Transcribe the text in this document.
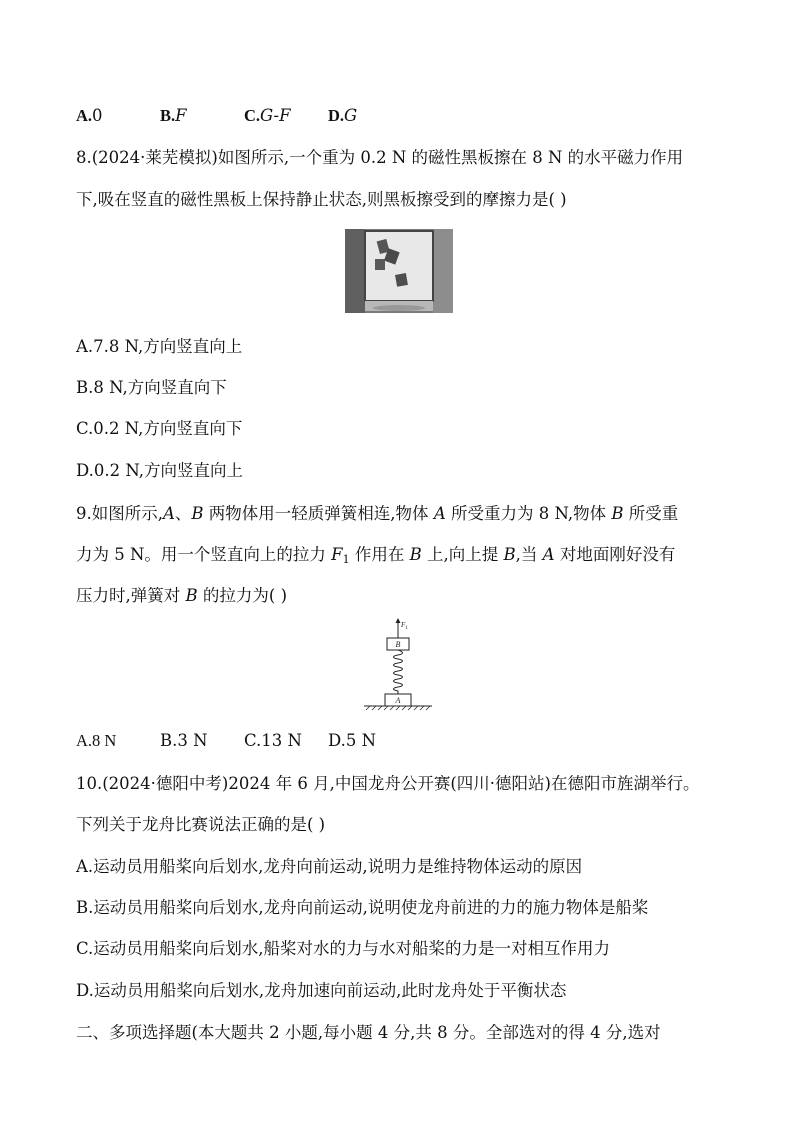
A.0	B.F	C.G-F D.G
8.(2024·莱芜模拟)如图所示,一个重为 0.2 N 的磁性黑板擦在 8 N 的水平磁力作用
下,吸在竖直的磁性黑板上保持静止状态,则黑板擦受到的摩擦力是( )
A.7.8 N,方向竖直向上
B.8 N,方向竖直向下
C.0.2 N,方向竖直向下
D.0.2 N,方向竖直向上
9.如图所示,A、B 两物体用一轻质弹簧相连,物体 A 所受重力为 8 N,物体 B 所受重
力为 5 N。用一个竖直向上的拉力 $F_1$ 作用在 B 上,向上提 B,当 A 对地面刚好没有
压力时,弹簧对 B 的拉力为( )
$F_1$
B
A
A.8 N	B.3 N C.13 N D.5 N
10.(2024·德阳中考)2024 年 6 月,中国龙舟公开赛(四川·德阳站)在德阳市旌湖举行。
下列关于龙舟比赛说法正确的是( )
A.运动员用船桨向后划水,龙舟向前运动,说明力是维持物体运动的原因
B.运动员用船桨向后划水,龙舟向前运动,说明使龙舟前进的力的施力物体是船桨
C.运动员用船桨向后划水,船桨对水的力与水对船桨的力是一对相互作用力
D.运动员用船桨向后划水,龙舟加速向前运动,此时龙舟处于平衡状态
二、多项选择题(本大题共 2 小题,每小题 4 分,共 8 分。全部选对的得 4 分,选对
